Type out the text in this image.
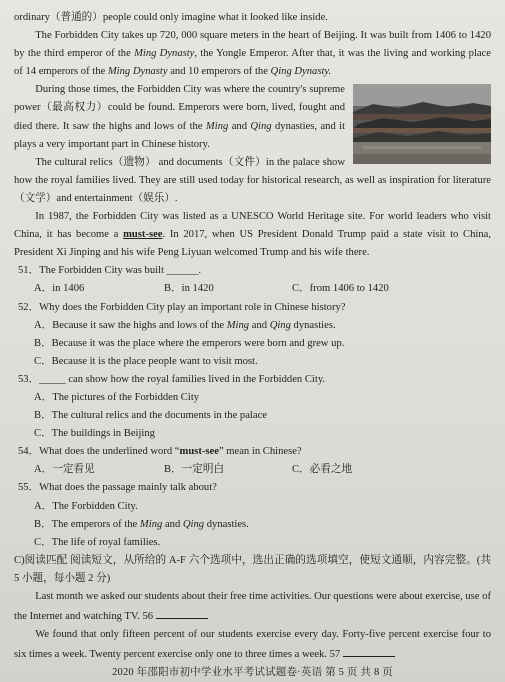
ordinary（普通的）people could only imagine what it looked like inside.

The Forbidden City takes up 720, 000 square meters in the heart of Beijing. It was built from 1406 to 1420 by the third emperor of the Ming Dynasty, the Yongle Emperor. After that, it was the living and working place of 14 emperors of the Ming Dynasty and 10 emperors of the Qing Dynasty.

During those times, the Forbidden City was where the country's supreme power（最高权力）could be found. Emperors were born, lived, fought and died there. It saw the highs and lows of the Ming and Qing dynasties, and it plays a very important part in Chinese history.

The cultural relics（遗物） and documents（文件）in the palace show how the royal families lived. They are still used today for historical research, as well as inspiration for literature（文学）and entertainment（娱乐）.

In 1987, the Forbidden City was listed as a UNESCO World Heritage site. For world leaders who visit China, it has become a must-see. In 2017, when US President Donald Trump paid a state visit to China, President Xi Jinping and his wife Peng Liyuan welcomed Trump and his wife there.

51．The Forbidden City was built ______.
A．in 1406	B．in 1420	C．from 1406 to 1420
52．Why does the Forbidden City play an important role in Chinese history?
A．Because it saw the highs and lows of the Ming and Qing dynasties.
B．Because it was the place where the emperors were born and grew up.
C．Because it is the place people want to visit most.
53．_____ can show how the royal families lived in the Forbidden City.
A．The pictures of the Forbidden City
B．The cultural relics and the documents in the palace
C．The buildings in Beijing
54．What does the underlined word “must-see” mean in Chinese?
A．一定看见	B．一定明白	C．必看之地
55．What does the passage mainly talk about?
A．The Forbidden City.
B．The emperors of the Ming and Qing dynasties.
C．The life of royal families.

C)阅读匹配 阅读短文，从所给的 A-F 六个选项中，选出正确的选项填空，使短文通顺，内容完整。(共 5 小题，每小题 2 分)

Last month we asked our students about their free time activities. Our questions were about exercise, use of the Internet and watching TV. 56

We found that only fifteen percent of our students exercise every day. Forty-five percent exercise four to six times a week. Twenty percent exercise only one to three times a week. 57

2020 年邵阳市初中学业水平考试试题卷·英语 第 5 页 共 8 页
